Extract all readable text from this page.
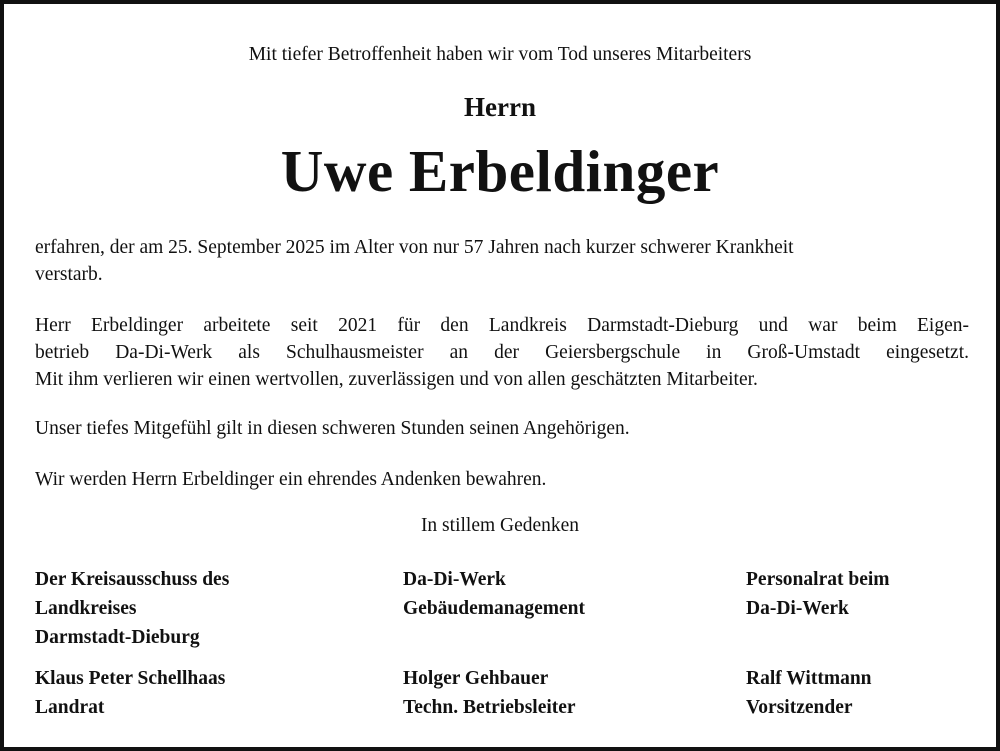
Mit tiefer Betroffenheit haben wir vom Tod unseres Mitarbeiters
Herrn
Uwe Erbeldinger
erfahren, der am 25. September 2025 im Alter von nur 57 Jahren nach kurzer schwerer Krankheit
verstarb.
Herr Erbeldinger arbeitete seit 2021 für den Landkreis Darmstadt-Dieburg und war beim Eigen-
betrieb Da-Di-Werk als Schulhausmeister an der Geiersbergschule in Groß-Umstadt eingesetzt.
Mit ihm verlieren wir einen wertvollen, zuverlässigen und von allen geschätzten Mitarbeiter.
Unser tiefes Mitgefühl gilt in diesen schweren Stunden seinen Angehörigen.
Wir werden Herrn Erbeldinger ein ehrendes Andenken bewahren.
In stillem Gedenken
Der Kreisausschuss des
Landkreises
Darmstadt-Dieburg
Da-Di-Werk
Gebäudemanagement
Personalrat beim
Da-Di-Werk
Klaus Peter Schellhaas
Landrat
Holger Gehbauer
Techn. Betriebsleiter
Ralf Wittmann
Vorsitzender
